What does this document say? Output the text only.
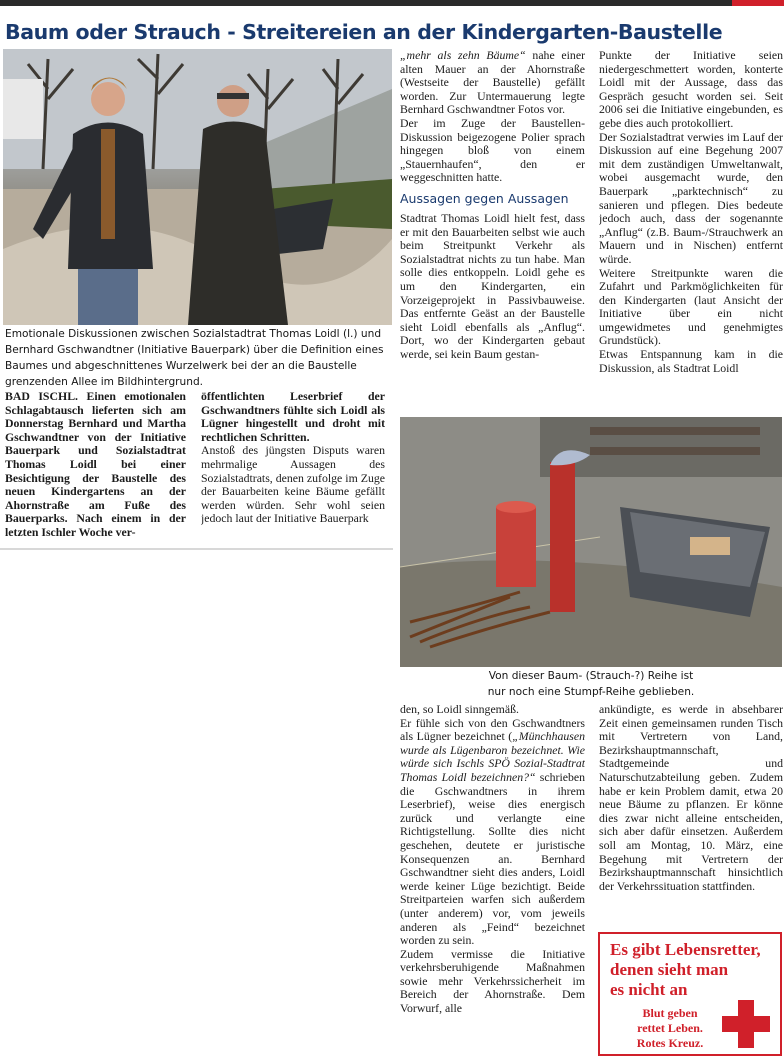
Baum oder Strauch - Streitereien an der Kindergarten-Baustelle
Emotionale Diskussionen zwischen Sozialstadtrat Thomas Loidl (l.) und Bernhard Gschwandtner (Initiative Bauerpark) über die Definition eines Baumes und abgeschnittenes Wurzelwerk bei der an die Baustelle grenzenden Allee im Bildhintergrund.

BAD ISCHL. Einen emotionalen Schlagabtausch lieferten sich am Donnerstag Bernhard und Martha Gschwandtner von der Initiative Bauerpark und Sozialstadtrat Thomas Loidl bei einer Besichtigung der Baustelle des neuen Kindergartens an der Ahornstraße am Fuße des Bauerparks. Nach einem in der letzten Ischler Woche ver-

öffentlichten Leserbrief der Gschwandtners fühlte sich Loidl als Lügner hingestellt und droht mit rechtlichen Schritten.

Anstoß des jüngsten Disputs waren mehrmalige Aussagen des Sozialstadtrats, denen zufolge im Zuge der Bauarbeiten keine Bäume gefällt werden würden. Sehr wohl seien jedoch laut der Initiative Bauerpark

„mehr als zehn Bäume“ nahe einer alten Mauer an der Ahornstraße (Westseite der Baustelle) gefällt worden. Zur Untermauerung legte Bernhard Gschwandtner Fotos vor.

Der im Zuge der Baustellen-Diskussion beigezogene Polier sprach hingegen bloß von einem „Stauernhaufen“, den er weggeschnitten hatte.

Aussagen gegen Aussagen

Stadtrat Thomas Loidl hielt fest, dass er mit den Bauarbeiten selbst wie auch beim Streitpunkt Verkehr als Sozialstadtrat nichts zu tun habe. Man solle dies entkoppeln. Loidl gehe es um den Kindergarten, ein Vorzeigeprojekt in Passivbauweise. Das entfernte Geäst an der Baustelle sieht Loidl ebenfalls als „Anflug“. Dort, wo der Kindergarten gebaut werde, sei kein Baum gestan-

Punkte der Initiative seien niedergeschmettert worden, konterte Loidl mit der Aussage, dass das Gespräch gesucht worden sei. Seit 2006 sei die Initiative eingebunden, es gebe dies auch protokolliert.

Der Sozialstadtrat verwies im Lauf der Diskussion auf eine Begehung 2007 mit dem zuständigen Umweltanwalt, wobei ausgemacht wurde, den Bauerpark „parktechnisch“ zu sanieren und pflegen. Dies bedeute jedoch auch, dass der sogenannte „Anflug“ (z.B. Baum-/Strauchwerk an Mauern und in Nischen) entfernt würde.

Weitere Streitpunkte waren die Zufahrt und Parkmöglichkeiten für den Kindergarten (laut Ansicht der Initiative über ein nicht umgewidmetes und genehmigtes Grundstück).

Etwas Entspannung kam in die Diskussion, als Stadtrat Loidl

Von dieser Baum- (Strauch-?) Reihe ist
nur noch eine Stumpf-Reihe geblieben.

den, so Loidl sinngemäß.

Er fühle sich von den Gschwandtners als Lügner bezeichnet („Münchhausen wurde als Lügenbaron bezeichnet. Wie würde sich Ischls SPÖ Sozial-Stadtrat Thomas Loidl bezeichnen?“ schrieben die Gschwandtners in ihrem Leserbrief), weise dies energisch zurück und verlangte eine Richtigstellung. Sollte dies nicht geschehen, deutete er juristische Konsequenzen an. Bernhard Gschwandtner sieht dies anders, Loidl werde keiner Lüge bezichtigt. Beide Streitparteien warfen sich außerdem (unter anderem) vor, vom jeweils anderen als „Feind“ bezeichnet worden zu sein.

Zudem vermisse die Initiative verkehrsberuhigende Maßnahmen sowie mehr Verkehrssicherheit im Bereich der Ahornstraße. Dem Vorwurf, alle

ankündigte, es werde in absehbarer Zeit einen gemeinsamen runden Tisch mit Vertretern von Land, Bezirkshauptmannschaft, Stadtgemeinde und Naturschutzabteilung geben. Zudem habe er kein Problem damit, etwa 20 neue Bäume zu pflanzen. Er könne dies zwar nicht alleine entscheiden, sich aber dafür einsetzen. Außerdem soll am Montag, 10. März, eine Begehung mit Vertretern der Bezirkshauptmannschaft hinsichtlich der Verkehrssituation stattfinden.

Es gibt Lebensretter,
denen sieht man
es nicht an
Blut geben
rettet Leben.
Rotes Kreuz.
